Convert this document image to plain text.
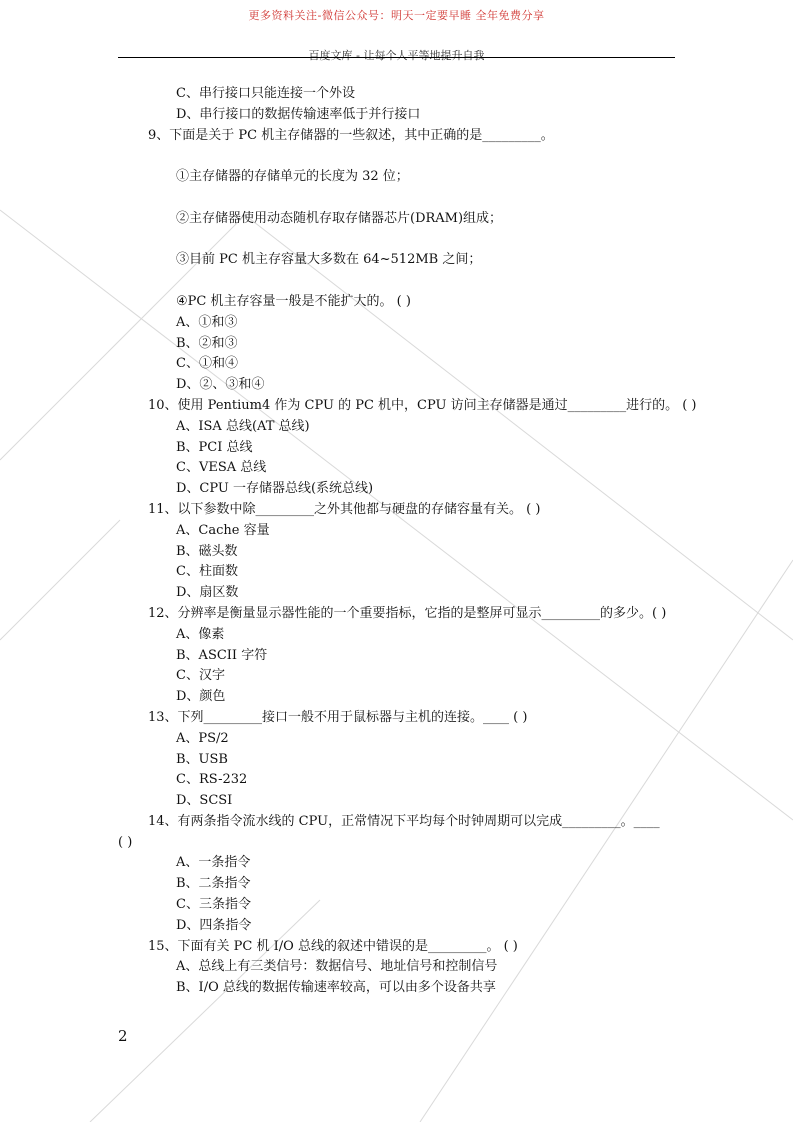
更多资料关注-微信公众号：明天一定要早睡 全年免费分享
百度文库 - 让每个人平等地提升自我
C、串行接口只能连接一个外设
D、串行接口的数据传输速率低于并行接口
9、下面是关于 PC 机主存储器的一些叙述，其中正确的是_________。
①主存储器的存储单元的长度为 32 位；
②主存储器使用动态随机存取存储器芯片(DRAM)组成；
③目前 PC 机主存容量大多数在 64~512MB 之间；
④PC 机主存容量一般是不能扩大的。 ( )
A、①和③
B、②和③
C、①和④
D、②、③和④
10、使用 Pentium4 作为 CPU 的 PC 机中，CPU 访问主存储器是通过_________进行的。 ( )
A、ISA 总线(AT 总线)
B、PCI 总线
C、VESA 总线
D、CPU 一存储器总线(系统总线)
11、以下参数中除_________之外其他都与硬盘的存储容量有关。 ( )
A、Cache 容量
B、磁头数
C、柱面数
D、扇区数
12、分辨率是衡量显示器性能的一个重要指标，它指的是整屏可显示_________的多少。( )
A、像素
B、ASCII 字符
C、汉字
D、颜色
13、下列_________接口一般不用于鼠标器与主机的连接。____ ( )
A、PS/2
B、USB
C、RS-232
D、SCSI
14、有两条指令流水线的 CPU，正常情况下平均每个时钟周期可以完成_________。____
( )
A、一条指令
B、二条指令
C、三条指令
D、四条指令
15、下面有关 PC 机 I/O 总线的叙述中错误的是_________。 ( )
A、总线上有三类信号：数据信号、地址信号和控制信号
B、I/O 总线的数据传输速率较高，可以由多个设备共享
2
